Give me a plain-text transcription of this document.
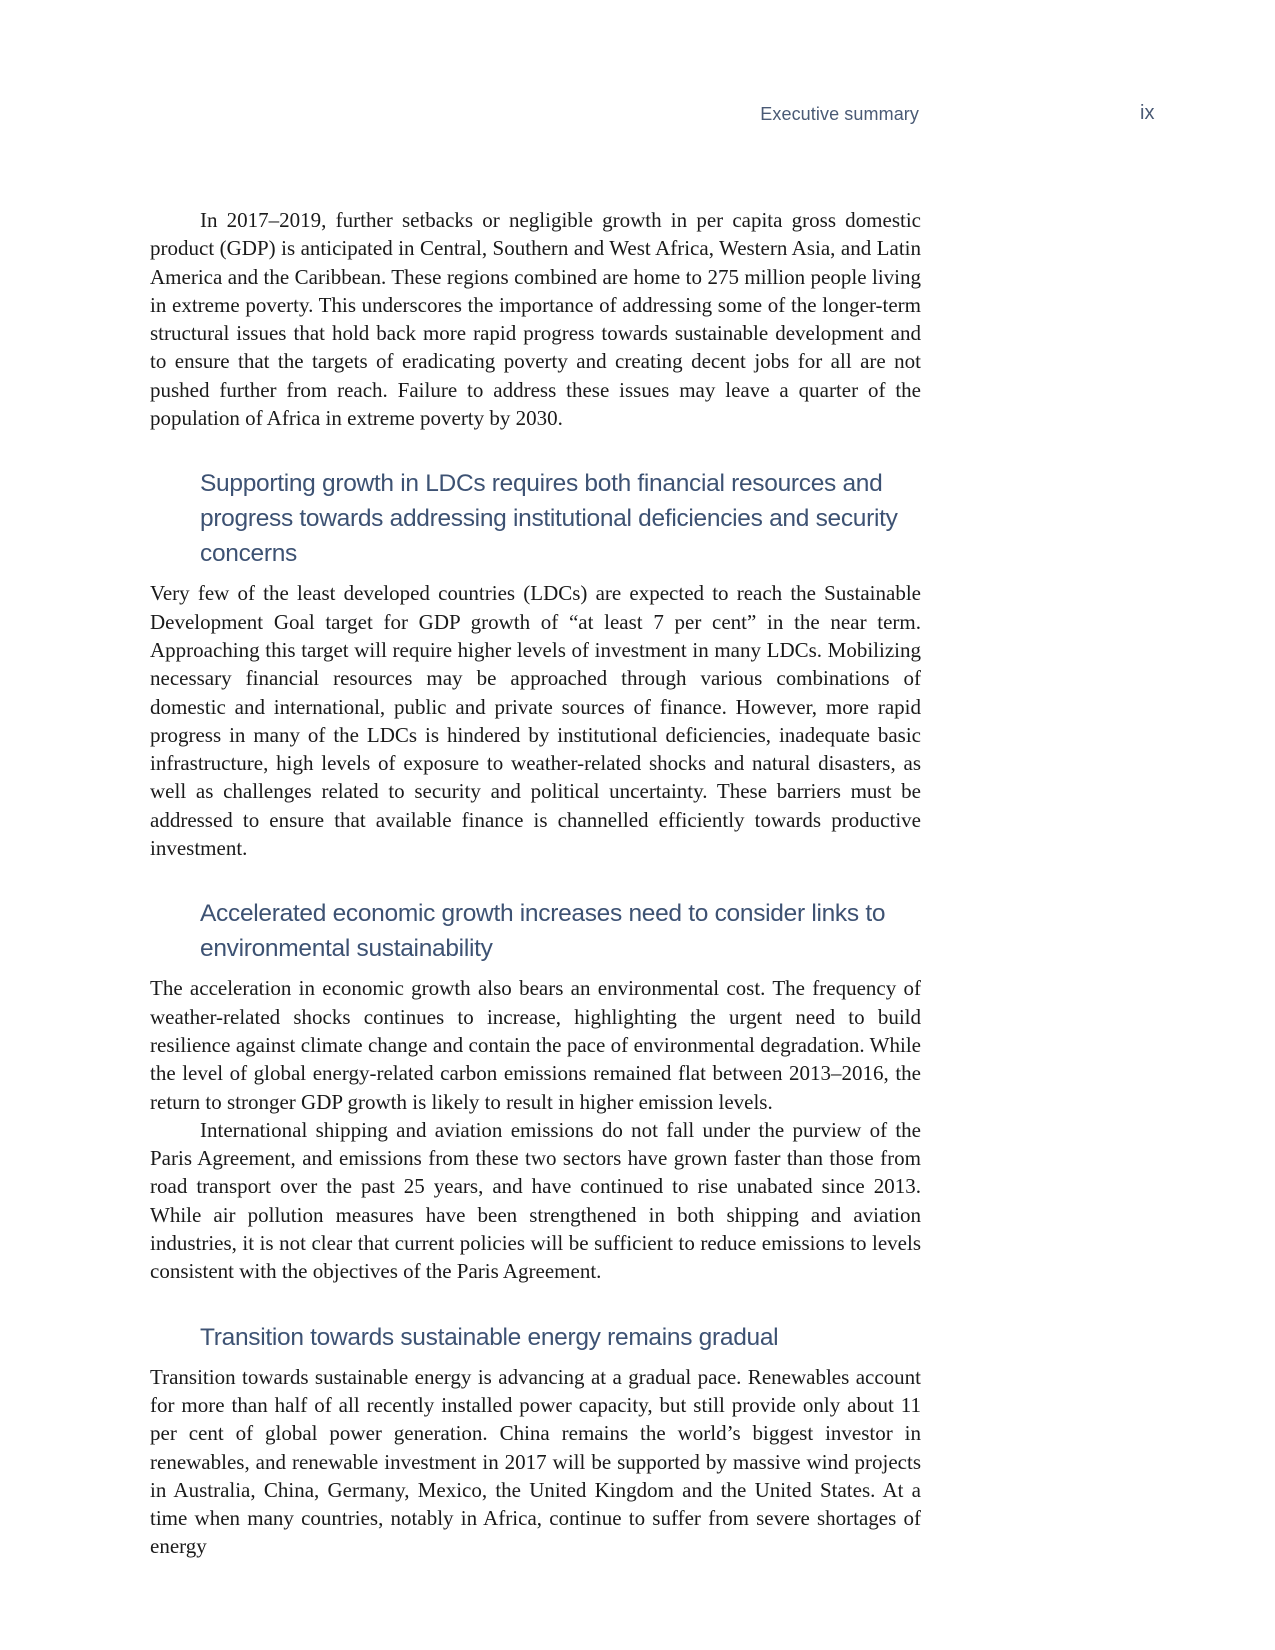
Executive summary	ix

In 2017–2019, further setbacks or negligible growth in per capita gross domestic product (GDP) is anticipated in Central, Southern and West Africa, Western Asia, and Latin America and the Caribbean. These regions combined are home to 275 million people living in extreme poverty. This underscores the importance of addressing some of the longer-term structural issues that hold back more rapid progress towards sustainable development and to ensure that the targets of eradicating poverty and creating decent jobs for all are not pushed further from reach. Failure to address these issues may leave a quarter of the population of Africa in extreme poverty by 2030.

Supporting growth in LDCs requires both financial resources and progress towards addressing institutional deficiencies and security concerns

Very few of the least developed countries (LDCs) are expected to reach the Sustainable Development Goal target for GDP growth of “at least 7 per cent” in the near term. Approaching this target will require higher levels of investment in many LDCs. Mobilizing necessary financial resources may be approached through various combinations of domestic and international, public and private sources of finance. However, more rapid progress in many of the LDCs is hindered by institutional deficiencies, inadequate basic infrastructure, high levels of exposure to weather-related shocks and natural disasters, as well as challenges related to security and political uncertainty. These barriers must be addressed to ensure that available finance is channelled efficiently towards productive investment.

Accelerated economic growth increases need to consider links to environmental sustainability

The acceleration in economic growth also bears an environmental cost. The frequency of weather-related shocks continues to increase, highlighting the urgent need to build resilience against climate change and contain the pace of environmental degradation. While the level of global energy-related carbon emissions remained flat between 2013–2016, the return to stronger GDP growth is likely to result in higher emission levels.

International shipping and aviation emissions do not fall under the purview of the Paris Agreement, and emissions from these two sectors have grown faster than those from road transport over the past 25 years, and have continued to rise unabated since 2013. While air pollution measures have been strengthened in both shipping and aviation industries, it is not clear that current policies will be sufficient to reduce emissions to levels consistent with the objectives of the Paris Agreement.

Transition towards sustainable energy remains gradual

Transition towards sustainable energy is advancing at a gradual pace. Renewables account for more than half of all recently installed power capacity, but still provide only about 11 per cent of global power generation. China remains the world’s biggest investor in renewables, and renewable investment in 2017 will be supported by massive wind projects in Australia, China, Germany, Mexico, the United Kingdom and the United States. At a time when many countries, notably in Africa, continue to suffer from severe shortages of energy
